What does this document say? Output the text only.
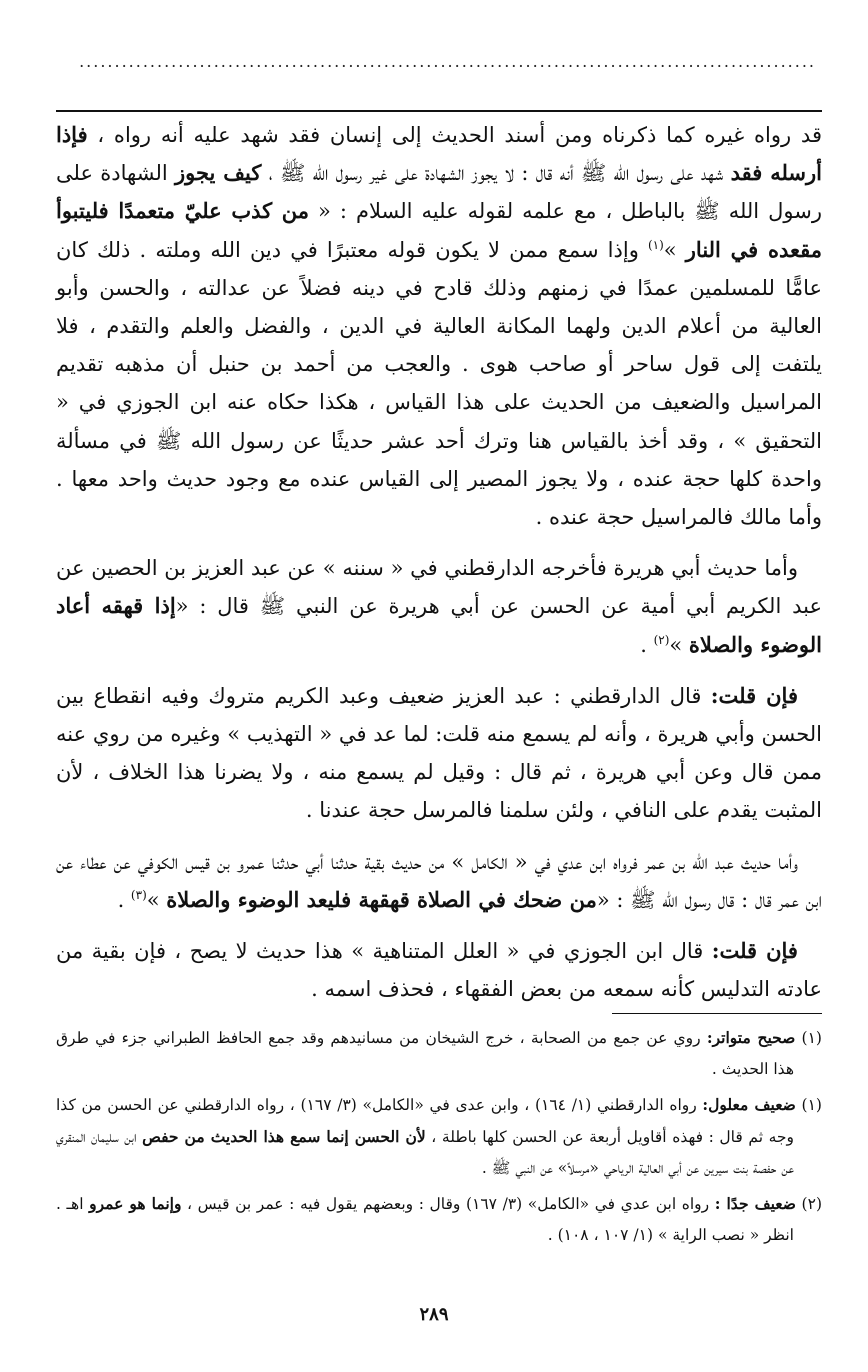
........................................................................................................

قد رواه غيره كما ذكرناه ومن أسند الحديث إلى إنسان فقد شهد عليه أنه رواه ، فإذا أرسله فقد شهد على رسول الله ﷺ أنه قال : لا يجوز الشهادة على غير رسول الله ﷺ ، كيف يجوز الشهادة على رسول الله ﷺ بالباطل ، مع علمه لقوله عليه السلام : « من كذب عليّ متعمدًا فليتبوأ مقعده في النار »$^{(١)}$ وإذا سمع ممن لا يكون قوله معتبرًا في دين الله وملته . ذلك كان عامًّا للمسلمين عمدًا في زمنهم وذلك قادح في دينه فضلاً عن عدالته ، والحسن وأبو العالية من أعلام الدين ولهما المكانة العالية في الدين ، والفضل والعلم والتقدم ، فلا يلتفت إلى قول ساحر أو صاحب هوى . والعجب من أحمد بن حنبل أن مذهبه تقديم المراسيل والضعيف من الحديث على هذا القياس ، هكذا حكاه عنه ابن الجوزي في « التحقيق » ، وقد أخذ بالقياس هنا وترك أحد عشر حديثًا عن رسول الله ﷺ في مسألة واحدة كلها حجة عنده ، ولا يجوز المصير إلى القياس عنده مع وجود حديث واحد معها . وأما مالك فالمراسيل حجة عنده .

وأما حديث أبي هريرة فأخرجه الدارقطني في « سننه » عن عبد العزيز بن الحصين عن عبد الكريم أبي أمية عن الحسن عن أبي هريرة عن النبي ﷺ قال : «إذا قهقه أعاد الوضوء والصلاة »$^{(٢)}$ .

فإن قلت: قال الدارقطني : عبد العزيز ضعيف وعبد الكريم متروك وفيه انقطاع بين الحسن وأبي هريرة ، وأنه لم يسمع منه قلت: لما عد في « التهذيب » وغيره من روي عنه ممن قال وعن أبي هريرة ، ثم قال : وقيل لم يسمع منه ، ولا يضرنا هذا الخلاف ، لأن المثبت يقدم على النافي ، ولئن سلمنا فالمرسل حجة عندنا .

وأما حديث عبد الله بن عمر فرواه ابن عدي في « الكامل » من حديث بقية حدثنا أبي حدثنا عمرو بن قيس الكوفي عن عطاء عن ابن عمر قال : قال رسول الله ﷺ : «من ضحك في الصلاة قهقهة فليعد الوضوء والصلاة »$^{(٣)}$ .

فإن قلت: قال ابن الجوزي في « العلل المتناهية » هذا حديث لا يصح ، فإن بقية من عادته التدليس كأنه سمعه من بعض الفقهاء ، فحذف اسمه .

(١) صحيح متواتر: روي عن جمع من الصحابة ، خرج الشيخان من مسانيدهم وقد جمع الحافظ الطبراني جزء في طرق هذا الحديث .

(١) ضعيف معلول: رواه الدارقطني (١/ ١٦٤) ، وابن عدى في «الكامل» (٣/ ١٦٧) ، رواه الدارقطني عن الحسن من كذا وجه ثم قال : فهذه أقاويل أربعة عن الحسن كلها باطلة ، لأن الحسن إنما سمع هذا الحديث من حفص ابن سليمان المنقري عن حفصة بنت سيرين عن أبي العالية الرياحي «مرسلاً» عن النبي ﷺ .

(٢) ضعيف جدًا : رواه ابن عدي في «الكامل» (٣/ ١٦٧) وقال : وبعضهم يقول فيه : عمر بن قيس ، وإنما هو عمرو اهـ . انظر « نصب الراية » (١/ ١٠٧ ، ١٠٨) .

٢٨٩
